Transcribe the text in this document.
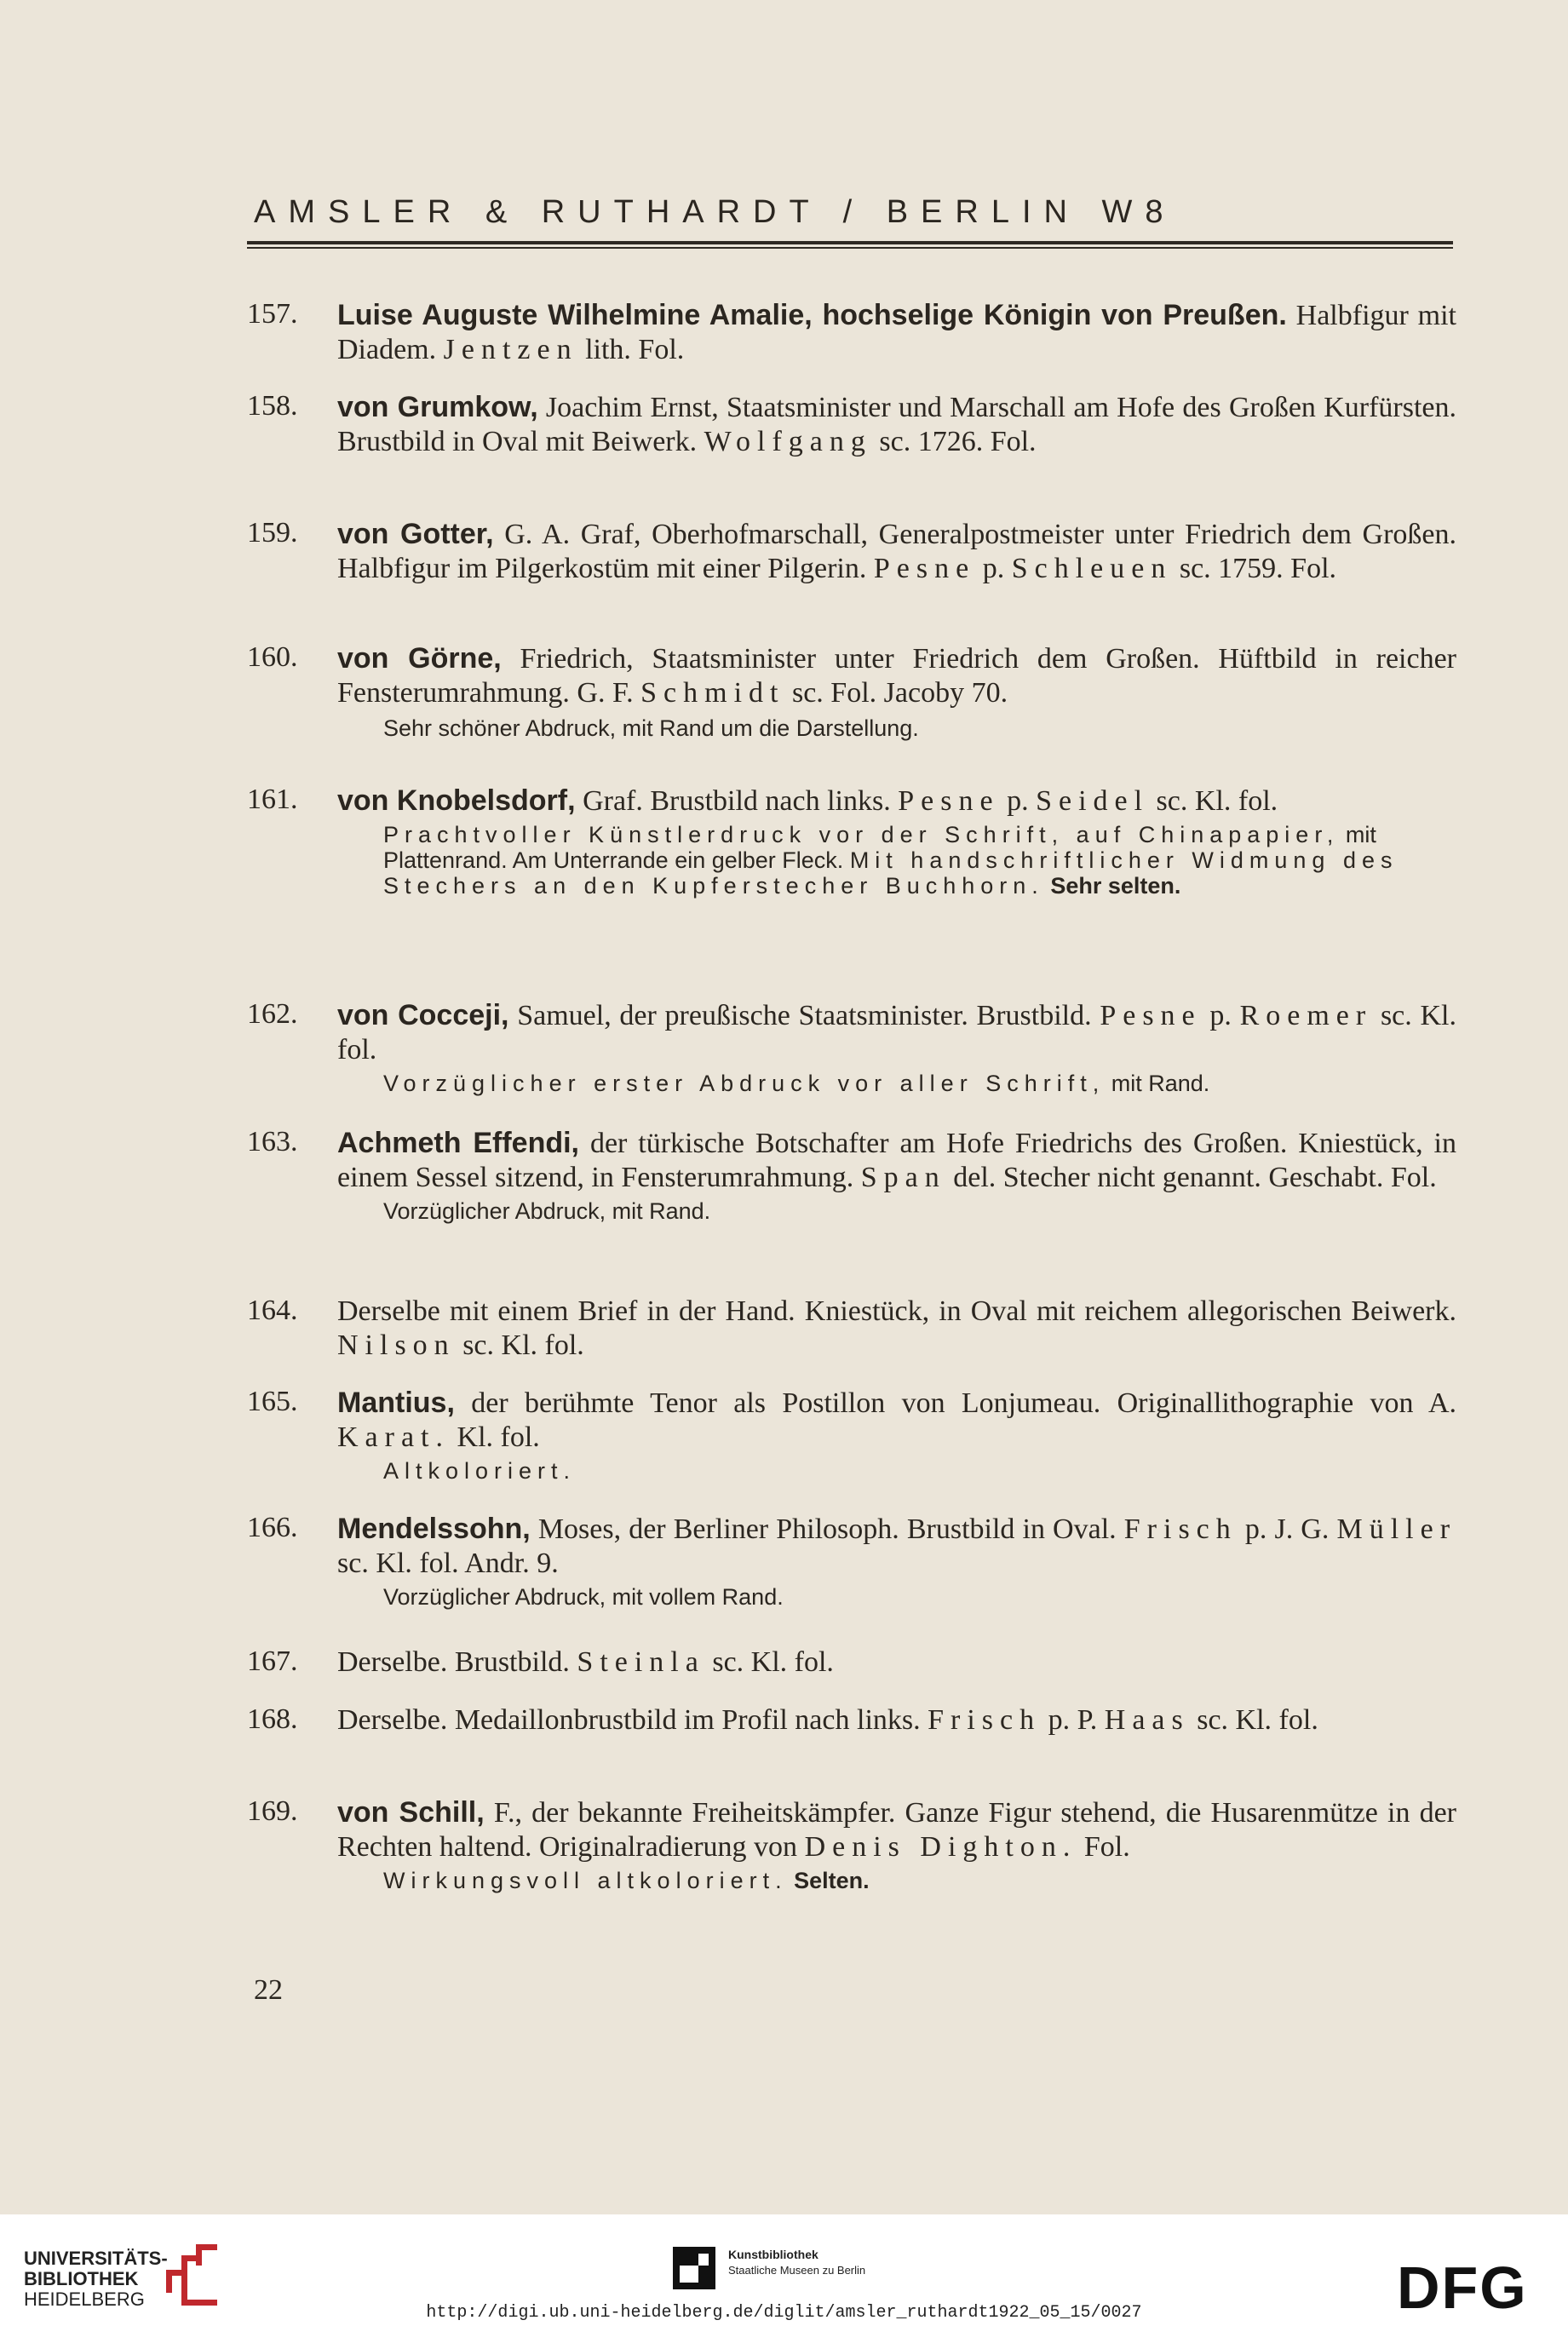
AMSLER & RUTHARDT / BERLIN W8
157.	Luise Auguste Wilhelmine Amalie, hochselige Königin von Preußen. Halbfigur mit Diadem. Jentzen lith. Fol.
158.	von Grumkow, Joachim Ernst, Staatsminister und Marschall am Hofe des Großen Kurfürsten. Brustbild in Oval mit Beiwerk. Wolfgang sc. 1726. Fol.
159.	von Gotter, G. A. Graf, Oberhofmarschall, Generalpostmeister unter Friedrich dem Großen. Halbfigur im Pilgerkostüm mit einer Pilgerin. Pesne p. Schleuen sc. 1759. Fol.
160.	von Görne, Friedrich, Staatsminister unter Friedrich dem Großen. Hüftbild in reicher Fensterumrahmung. G. F. Schmidt sc. Fol. Jacoby 70.
Sehr schöner Abdruck, mit Rand um die Darstellung.
161.	von Knobelsdorf, Graf. Brustbild nach links. Pesne p. Seidel sc. Kl. fol.
Prachtvoller Künstlerdruck vor der Schrift, auf Chinapapier, mit Plattenrand. Am Unterrande ein gelber Fleck. Mit handschriftlicher Widmung des Stechers an den Kupferstecher Buchhorn. Sehr selten.
162.	von Cocceji, Samuel, der preußische Staatsminister. Brustbild. Pesne p. Roemer sc. Kl. fol.
Vorzüglicher erster Abdruck vor aller Schrift, mit Rand.
163.	Achmeth Effendi, der türkische Botschafter am Hofe Friedrichs des Großen. Kniestück, in einem Sessel sitzend, in Fensterumrahmung. Span del. Stecher nicht genannt. Geschabt. Fol.
Vorzüglicher Abdruck, mit Rand.
164.	Derselbe mit einem Brief in der Hand. Kniestück, in Oval mit reichem allegorischen Beiwerk. Nilson sc. Kl. fol.
165.	Mantius, der berühmte Tenor als Postillon von Lonjumeau. Originallithographie von A. Karat. Kl. fol.
Altkoloriert.
166.	Mendelssohn, Moses, der Berliner Philosoph. Brustbild in Oval. Frisch p. J. G. Müller sc. Kl. fol. Andr. 9.
Vorzüglicher Abdruck, mit vollem Rand.
167.	Derselbe. Brustbild. Steinla sc. Kl. fol.
168.	Derselbe. Medaillonbrustbild im Profil nach links. Frisch p. P. Haas sc. Kl. fol.
169.	von Schill, F., der bekannte Freiheitskämpfer. Ganze Figur stehend, die Husarenmütze in der Rechten haltend. Originalradierung von Denis Dighton. Fol.
Wirkungsvoll altkoloriert. Selten.
22
UNIVERSITÄTS-
BIBLIOTHEK
HEIDELBERG
Kunstbibliothek
Staatliche Museen zu Berlin	DFG
http://digi.ub.uni-heidelberg.de/diglit/amsler_ruthardt1922_05_15/0027
